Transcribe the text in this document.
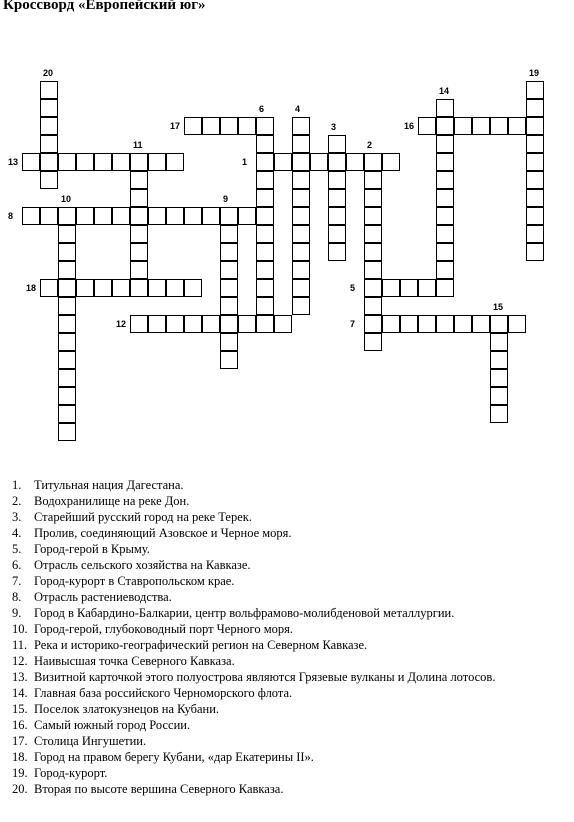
Кроссворд «Европейский юг»
20	19
14
17
6	4
3	16
1
2
13
11
10	9
8
18	5
15
12	7
1. Титульная нация Дагестана.
2. Водохранилище на реке Дон.
3. Старейший русский город на реке Терек.
4. Пролив, соединяющий Азовское и Черное моря.
5. Город-герой в Крыму.
6. Отрасль сельского хозяйства на Кавказе.
7. Город-курорт в Ставропольском крае.
8. Отрасль растениеводства.
9. Город в Кабардино-Балкарии, центр вольфрамово-молибденовой металлургии.
10. Город-герой, глубоководный порт Черного моря.
11. Река и историко-географический регион на Северном Кавказе.
12. Наивысшая точка Северного Кавказа.
13. Визитной карточкой этого полуострова являются Грязевые вулканы и Долина лотосов.
14. Главная база российского Черноморского флота.
15. Поселок златокузнецов на Кубани.
16. Самый южный город России.
17. Столица Ингушетии.
18. Город на правом берегу Кубани, «дар Екатерины II».
19. Город-курорт.
20. Вторая по высоте вершина Северного Кавказа.
